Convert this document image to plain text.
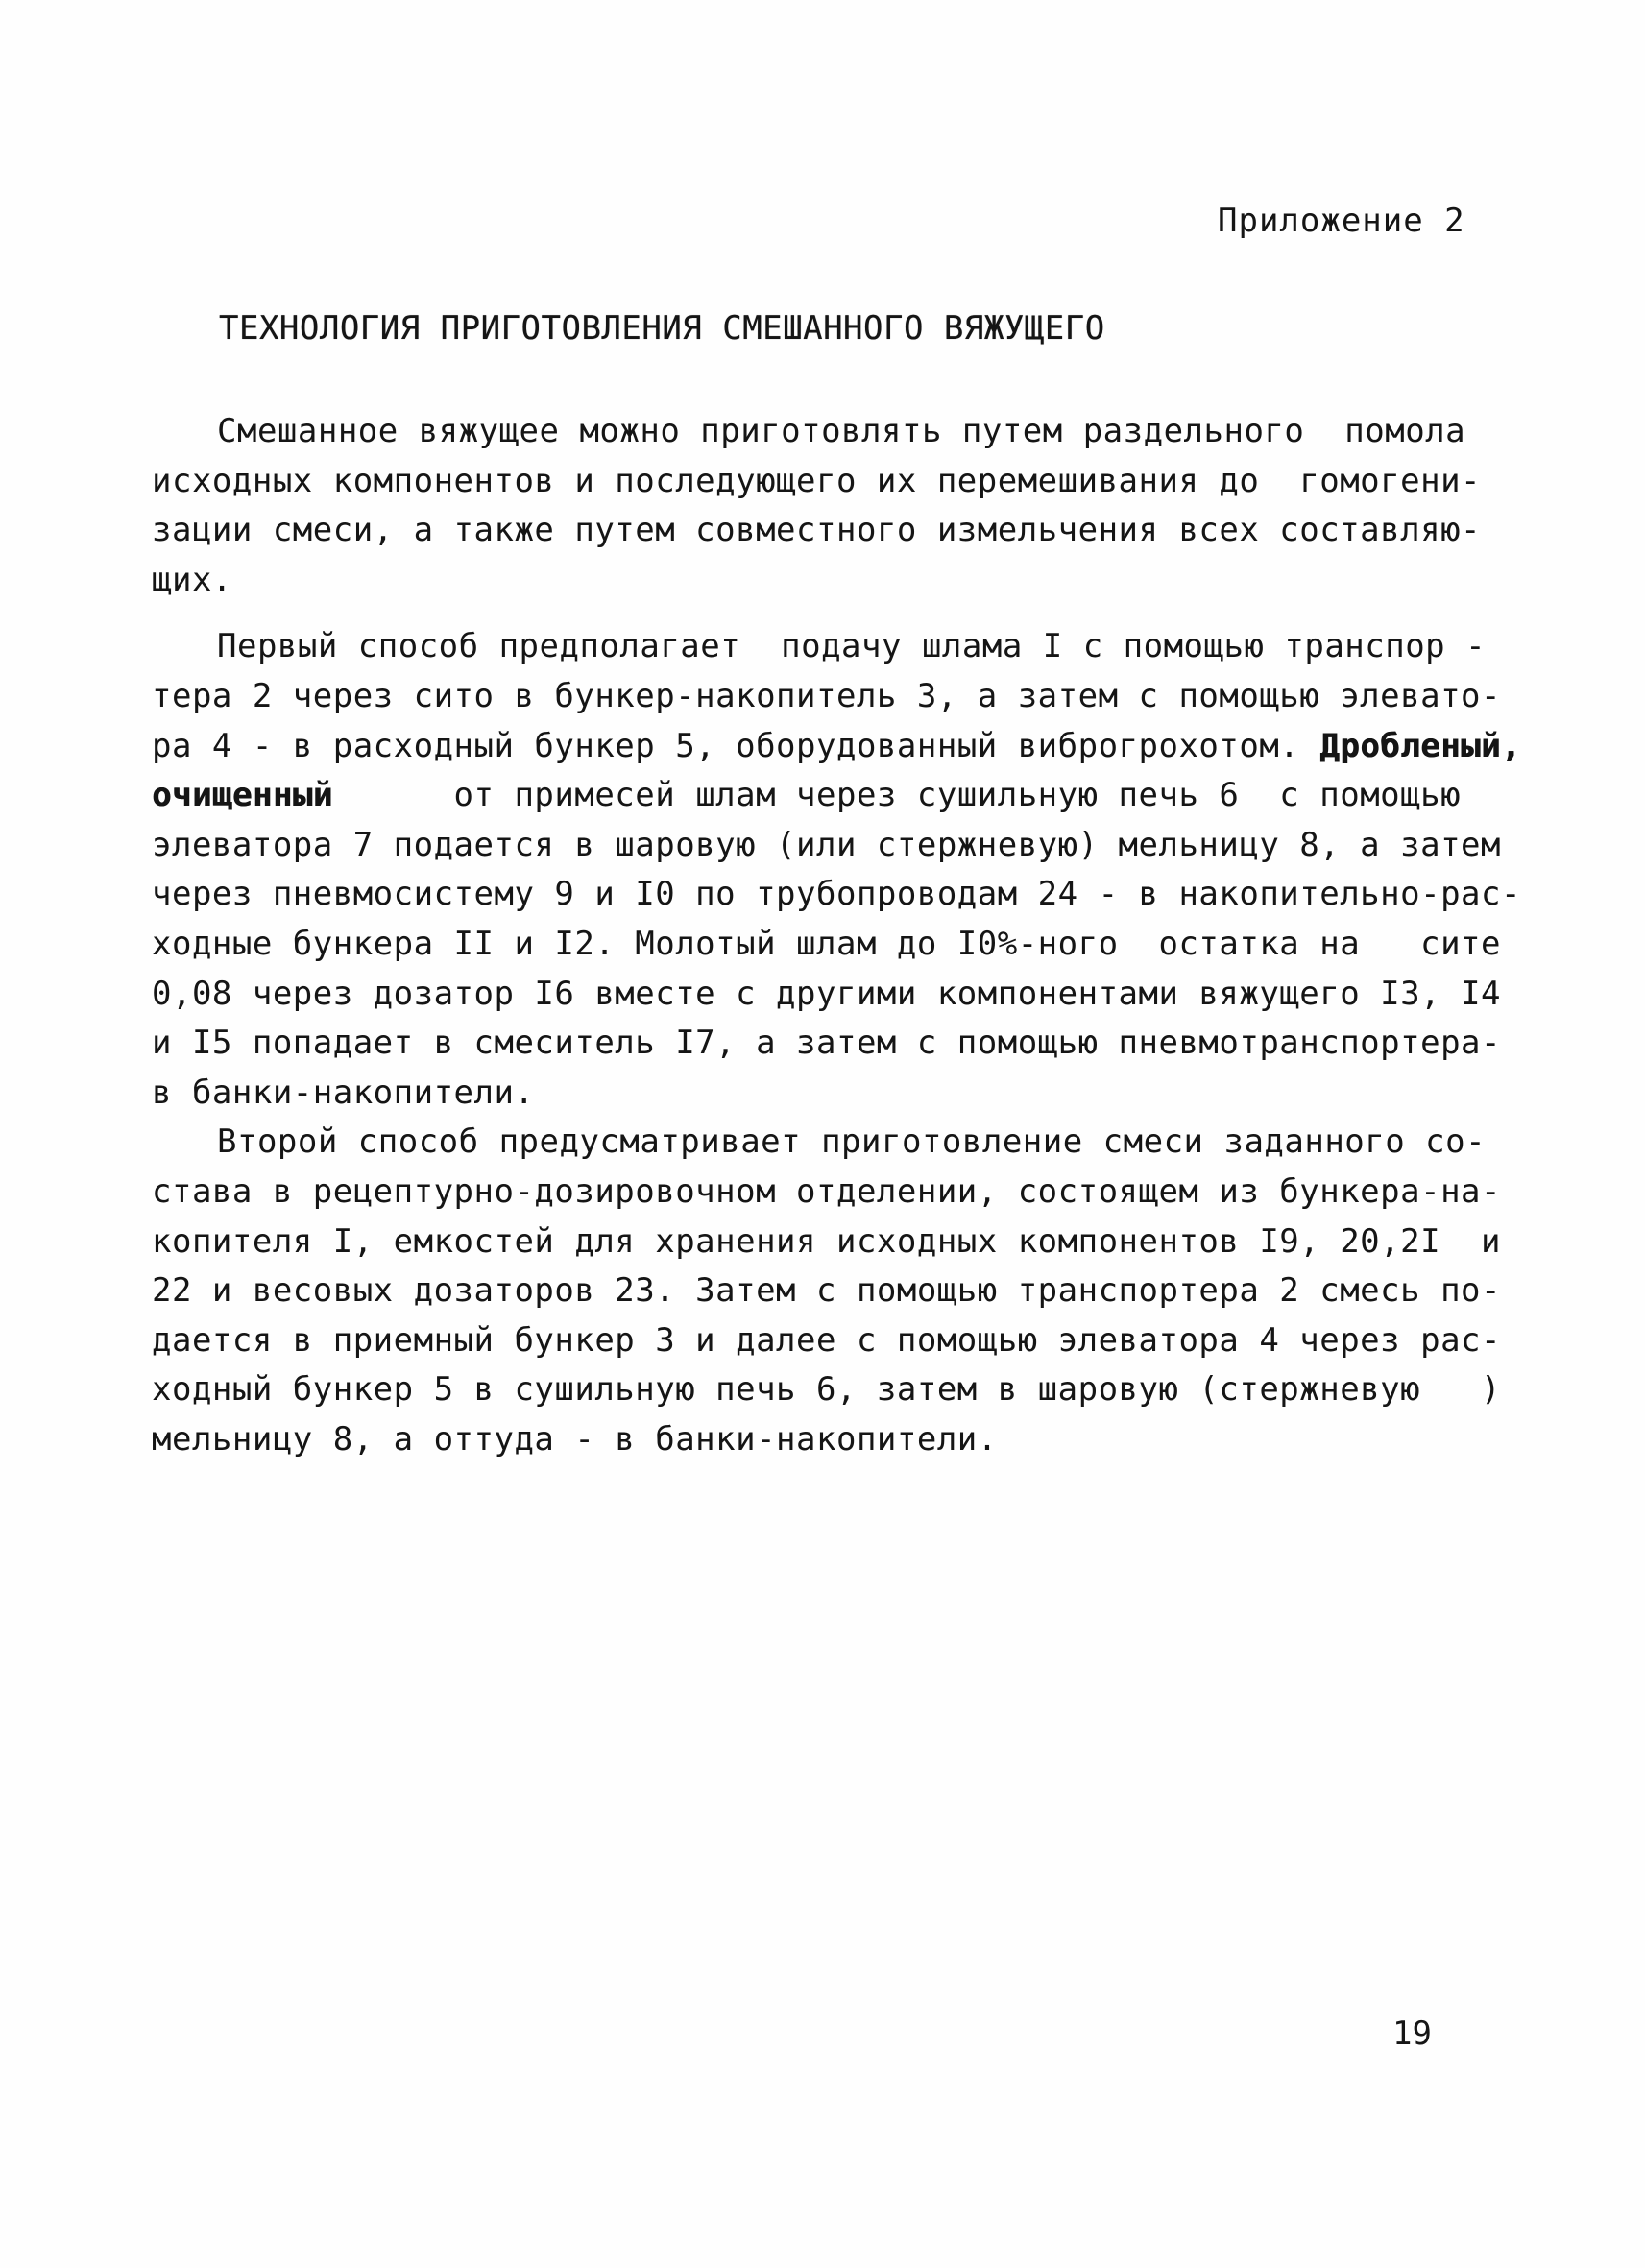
Приложение 2
ТЕХНОЛОГИЯ ПРИГОТОВЛЕНИЯ СМЕШАННОГО ВЯЖУЩЕГО
Смешанное вяжущее можно приготовлять путем раздельного  помола
исходных компонентов и последующего их перемешивания до  гомогени-
зации смеси, а также путем совместного измельчения всех составляю-
щих.
Первый способ предполагает  подачу шлама I с помощью транспор -
тера 2 через сито в бункер-накопитель 3, а затем с помощью элевато-
ра 4 - в расходный бункер 5, оборудованный виброгрохотом. Дробленый,
очищенный      от примесей шлам через сушильную печь 6  с помощью
элеватора 7 подается в шаровую (или стержневую) мельницу 8, а затем
через пневмосистему 9 и I0 по трубопроводам 24 - в накопительно-рас-
ходные бункера II и I2. Молотый шлам до I0%-ного  остатка на   сите
0,08 через дозатор I6 вместе с другими компонентами вяжущего I3, I4
и I5 попадает в смеситель I7, а затем с помощью пневмотранспортера-
в банки-накопители.
Второй способ предусматривает приготовление смеси заданного со-
става в рецептурно-дозировочном отделении, состоящем из бункера-на-
копителя I, емкостей для хранения исходных компонентов I9, 20,2I  и
22 и весовых дозаторов 23. Затем с помощью транспортера 2 смесь по-
дается в приемный бункер 3 и далее с помощью элеватора 4 через рас-
ходный бункер 5 в сушильную печь 6, затем в шаровую (стержневую   )
мельницу 8, а оттуда - в банки-накопители.
19
